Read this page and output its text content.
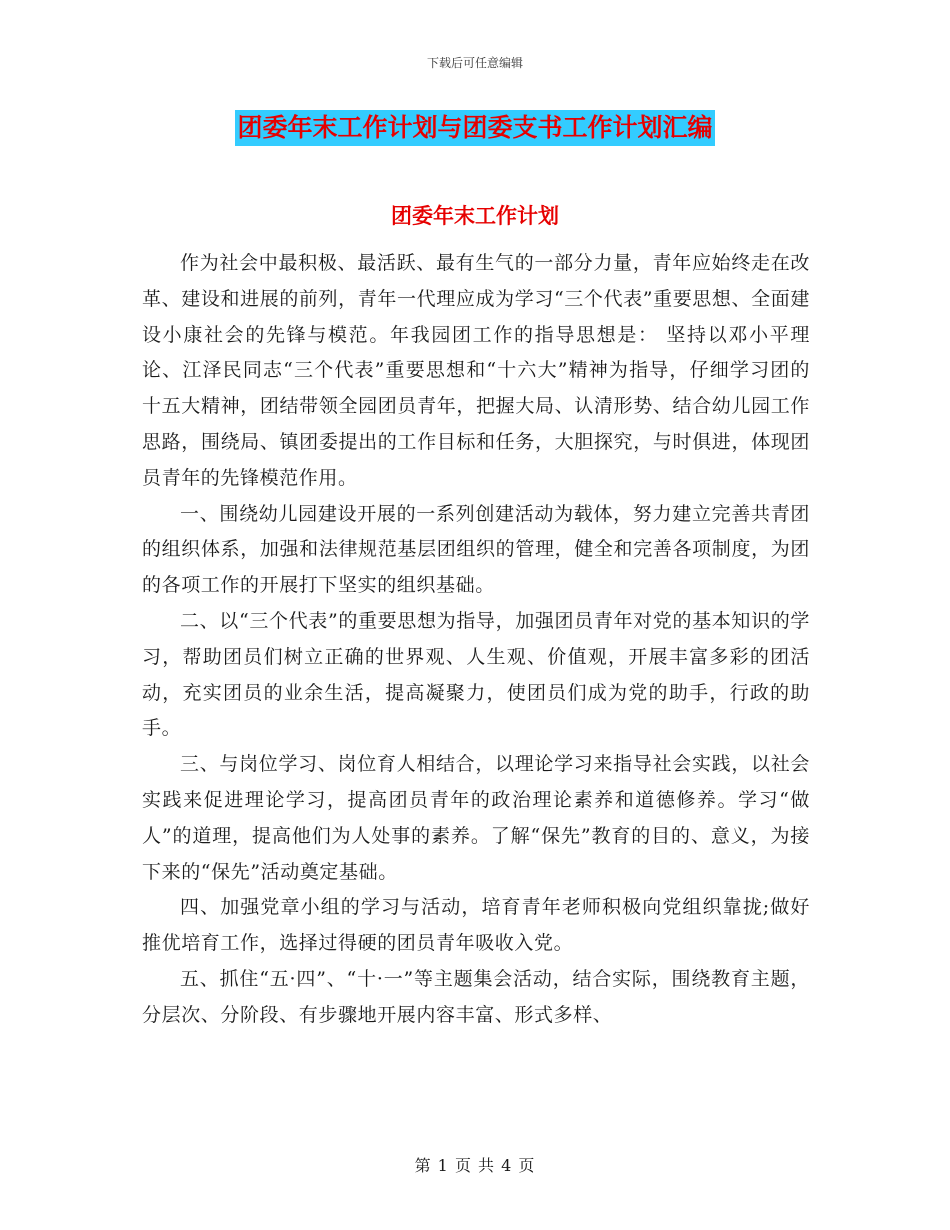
下载后可任意编辑
团委年末工作计划与团委支书工作计划汇编
团委年末工作计划

作为社会中最积极、最活跃、最有生气的一部分力量，青年应始终走在改革、建设和进展的前列，青年一代理应成为学习“三个代表”重要思想、全面建设小康社会的先锋与模范。年我园团工作的指导思想是： 坚持以邓小平理论、江泽民同志“三个代表”重要思想和“十六大”精神为指导，仔细学习团的十五大精神，团结带领全园团员青年，把握大局、认清形势、结合幼儿园工作思路，围绕局、镇团委提出的工作目标和任务，大胆探究，与时俱进，体现团员青年的先锋模范作用。

一、围绕幼儿园建设开展的一系列创建活动为载体，努力建立完善共青团的组织体系，加强和法律规范基层团组织的管理，健全和完善各项制度，为团的各项工作的开展打下坚实的组织基础。

二、以“三个代表”的重要思想为指导，加强团员青年对党的基本知识的学习，帮助团员们树立正确的世界观、人生观、价值观，开展丰富多彩的团活动，充实团员的业余生活，提高凝聚力，使团员们成为党的助手，行政的助手。

三、与岗位学习、岗位育人相结合，以理论学习来指导社会实践，以社会实践来促进理论学习，提高团员青年的政治理论素养和道德修养。学习“做人”的道理，提高他们为人处事的素养。了解“保先”教育的目的、意义，为接下来的“保先”活动奠定基础。

四、加强党章小组的学习与活动，培育青年老师积极向党组织靠拢;做好推优培育工作，选择过得硬的团员青年吸收入党。

五、抓住“五·四”、“十·一”等主题集会活动，结合实际，围绕教育主题，分层次、分阶段、有步骤地开展内容丰富、形式多样、

第 1 页 共 4 页
